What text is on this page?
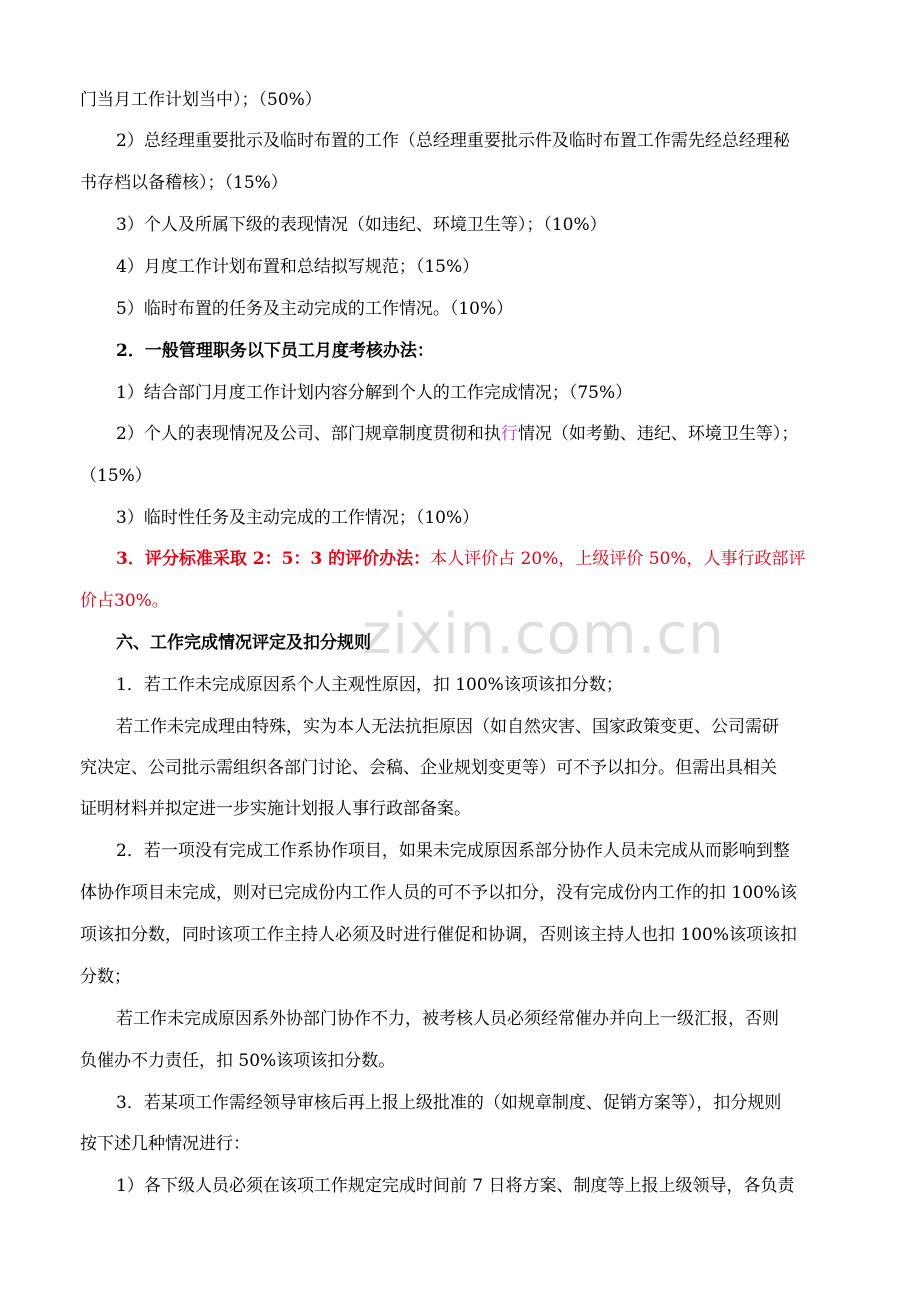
zixin.com.cn
门当月工作计划当中）；（50%）
2）总经理重要批示及临时布置的工作（总经理重要批示件及临时布置工作需先经总经理秘
书存档以备稽核）；（15%）
3）个人及所属下级的表现情况（如违纪、环境卫生等）；（10%）
4）月度工作计划布置和总结拟写规范；（15%）
5）临时布置的任务及主动完成的工作情况。（10%）
2．一般管理职务以下员工月度考核办法：
1）结合部门月度工作计划内容分解到个人的工作完成情况；（75%）
2）个人的表现情况及公司、部门规章制度贯彻和执行情况（如考勤、违纪、环境卫生等）；
（15%）
3）临时性任务及主动完成的工作情况；（10%）
3．评分标准采取 2：5：3 的评价办法：本人评价占 20%，上级评价 50%，人事行政部评
价占30%。
六、工作完成情况评定及扣分规则
1．若工作未完成原因系个人主观性原因，扣 100%该项该扣分数；
若工作未完成理由特殊，实为本人无法抗拒原因（如自然灾害、国家政策变更、公司需研
究决定、公司批示需组织各部门讨论、会稿、企业规划变更等）可不予以扣分。但需出具相关
证明材料并拟定进一步实施计划报人事行政部备案。
2．若一项没有完成工作系协作项目，如果未完成原因系部分协作人员未完成从而影响到整
体协作项目未完成，则对已完成份内工作人员的可不予以扣分，没有完成份内工作的扣 100%该
项该扣分数，同时该项工作主持人必须及时进行催促和协调，否则该主持人也扣 100%该项该扣
分数；
若工作未完成原因系外协部门协作不力，被考核人员必须经常催办并向上一级汇报，否则
负催办不力责任，扣 50%该项该扣分数。
3．若某项工作需经领导审核后再上报上级批准的（如规章制度、促销方案等），扣分规则
按下述几种情况进行：
1）各下级人员必须在该项工作规定完成时间前 7 日将方案、制度等上报上级领导，各负责
